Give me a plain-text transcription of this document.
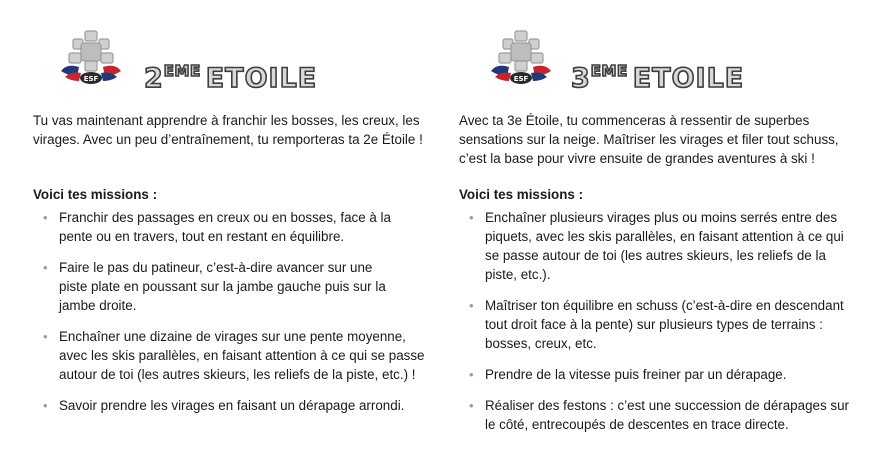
ESF 2EME ETOILE

Tu vas maintenant apprendre à franchir les bosses, les creux, les virages. Avec un peu d’entraînement, tu remporteras ta 2e Étoile !

Voici tes missions :

• Franchir des passages en creux ou en bosses, face à la pente ou en travers, tout en restant en équilibre.
• Faire le pas du patineur, c’est-à-dire avancer sur une piste plate en poussant sur la jambe gauche puis sur la jambe droite.
• Enchaîner une dizaine de virages sur une pente moyenne, avec les skis parallèles, en faisant attention à ce qui se passe autour de toi (les autres skieurs, les reliefs de la piste, etc.) !
• Savoir prendre les virages en faisant un dérapage arrondi.
ESF 3EME ETOILE

Avec ta 3e Étoile, tu commenceras à ressentir de superbes sensations sur la neige. Maîtriser les virages et filer tout schuss, c’est la base pour vivre ensuite de grandes aventures à ski !

Voici tes missions :

• Enchaîner plusieurs virages plus ou moins serrés entre des piquets, avec les skis parallèles, en faisant attention à ce qui se passe autour de toi (les autres skieurs, les reliefs de la piste, etc.).
• Maîtriser ton équilibre en schuss (c’est-à-dire en descendant tout droit face à la pente) sur plusieurs types de terrains : bosses, creux, etc.
• Prendre de la vitesse puis freiner par un dérapage.
• Réaliser des festons : c’est une succession de dérapages sur le côté, entrecoupés de descentes en trace directe.
